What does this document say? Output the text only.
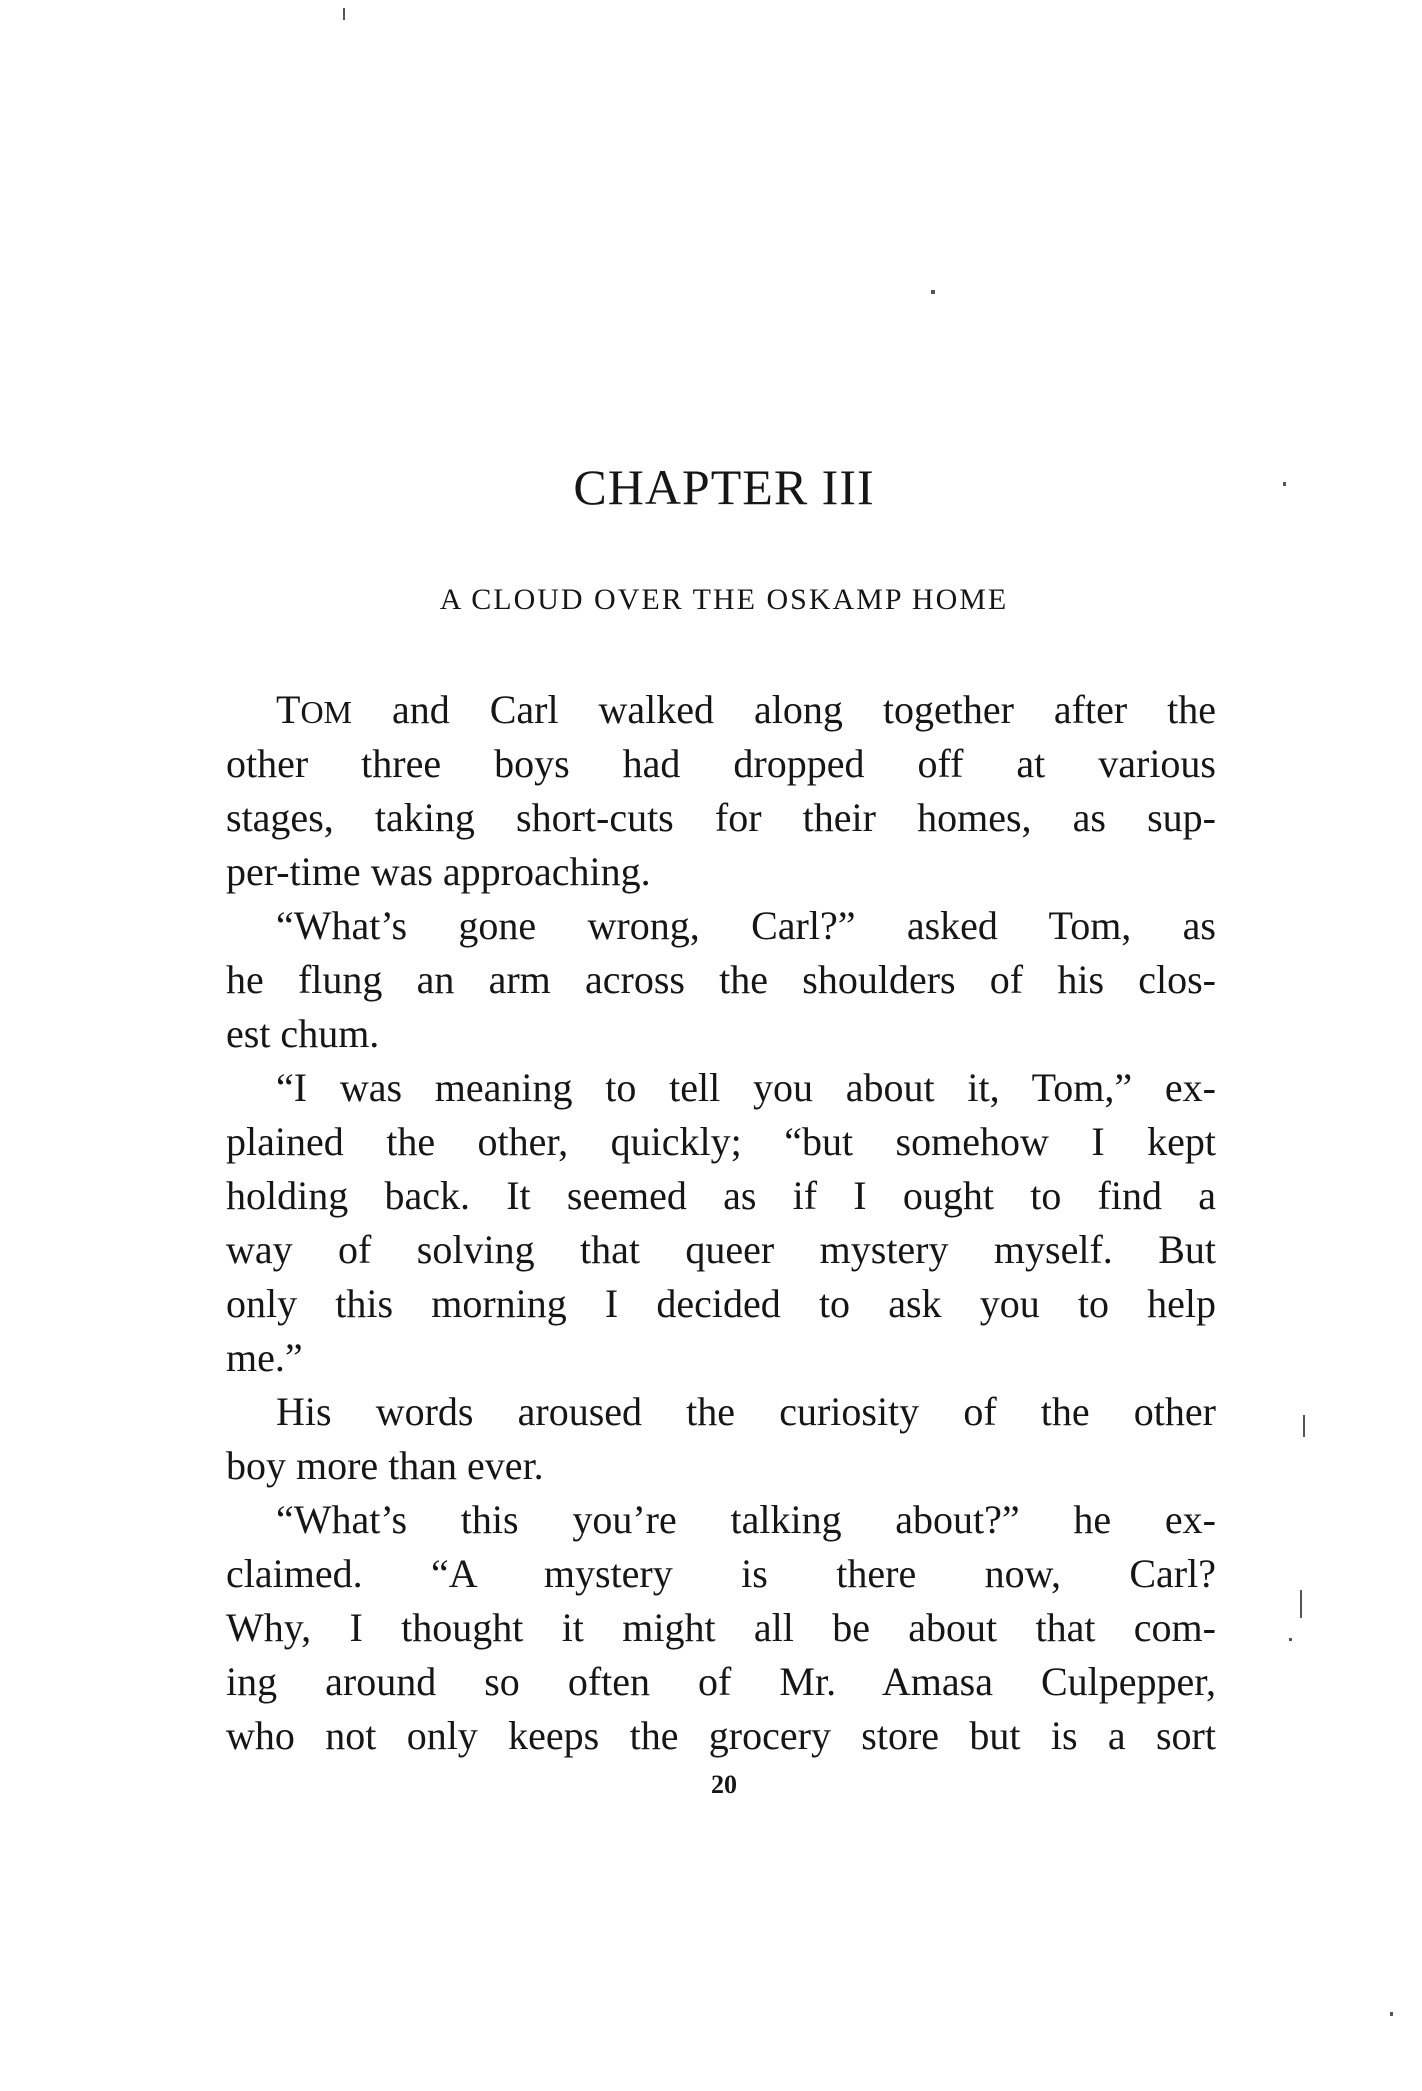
CHAPTER III
A CLOUD OVER THE OSKAMP HOME
TOM and Carl walked along together after the
other three boys had dropped off at various
stages, taking short-cuts for their homes, as sup-
per-time was approaching.
“What’s gone wrong, Carl?” asked Tom, as
he flung an arm across the shoulders of his clos-
est chum.
“I was meaning to tell you about it, Tom,” ex-
plained the other, quickly; “but somehow I kept
holding back. It seemed as if I ought to find a
way of solving that queer mystery myself. But
only this morning I decided to ask you to help
me.”
His words aroused the curiosity of the other
boy more than ever.
“What’s this you’re talking about?” he ex-
claimed. “A mystery is there now, Carl?
Why, I thought it might all be about that com-
ing around so often of Mr. Amasa Culpepper,
who not only keeps the grocery store but is a sort
20
